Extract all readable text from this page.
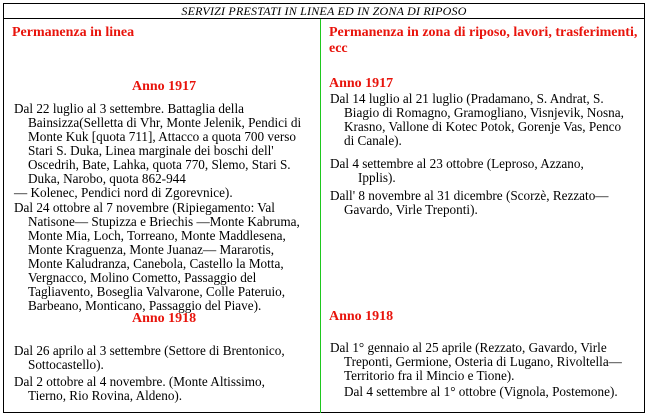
SERVIZI PRESTATI IN LINEA ED IN ZONA DI RIPOSO
Permanenza in linea
Anno 1917

Dal 22 luglio al 3 settembre. Battaglia della
Bainsizza(Selletta di Vhr, Monte Jelenik, Pendici di
Monte Kuk [quota 711], Attacco a quota 700 verso
Stari S. Duka, Linea marginale dei boschi dell'
Oscedrih, Bate, Lahka, quota 770, Slemo, Stari S.
Duka, Narobo, quota 862-944
— Kolenec, Pendici nord di Zgorevnice).

Dal 24 ottobre al 7 novembre (Ripiegamento: Val
Natisone— Stupizza e Briechis —Monte Kabruma,
Monte Mia, Loch, Torreano, Monte Maddlesena,
Monte Kraguenza, Monte Juanaz— Mararotis,
Monte Kaludranza, Canebola, Castello la Motta,
Vergnacco, Molino Cometto, Passaggio del
Tagliavento, Boseglia Valvarone, Colle Pateruio,
Barbeano, Monticano, Passaggio del Piave).

Anno 1918

Dal 26 aprilo al 3 settembre (Settore di Brentonico,
Sottocastello).

Dal 2 ottobre al 4 novembre. (Monte Altissimo,
Tierno, Rio Rovina, Aldeno).

Permanenza in zona di riposo, lavori, trasferimenti,
ecc
Anno 1917

Dal 14 luglio al 21 luglio (Pradamano, S. Andrat, S.
Biagio di Romagno, Gramogliano, Visnjevik, Nosna,
Krasno, Vallone di Kotec Potok, Gorenje Vas, Penco
di Canale).

Dal 4 settembre al 23 ottobre (Leproso, Azzano,
Ipplis).

Dall' 8 novembre al 31 dicembre (Scorzè, Rezzato—
Gavardo, Virle Treponti).

Anno 1918

Dal 1° gennaio al 25 aprile (Rezzato, Gavardo, Virle
Treponti, Germione, Osteria di Lugano, Rivoltella—
Territorio fra il Mincio e Tione).

Dal 4 settembre al 1° ottobre (Vignola, Postemone).
